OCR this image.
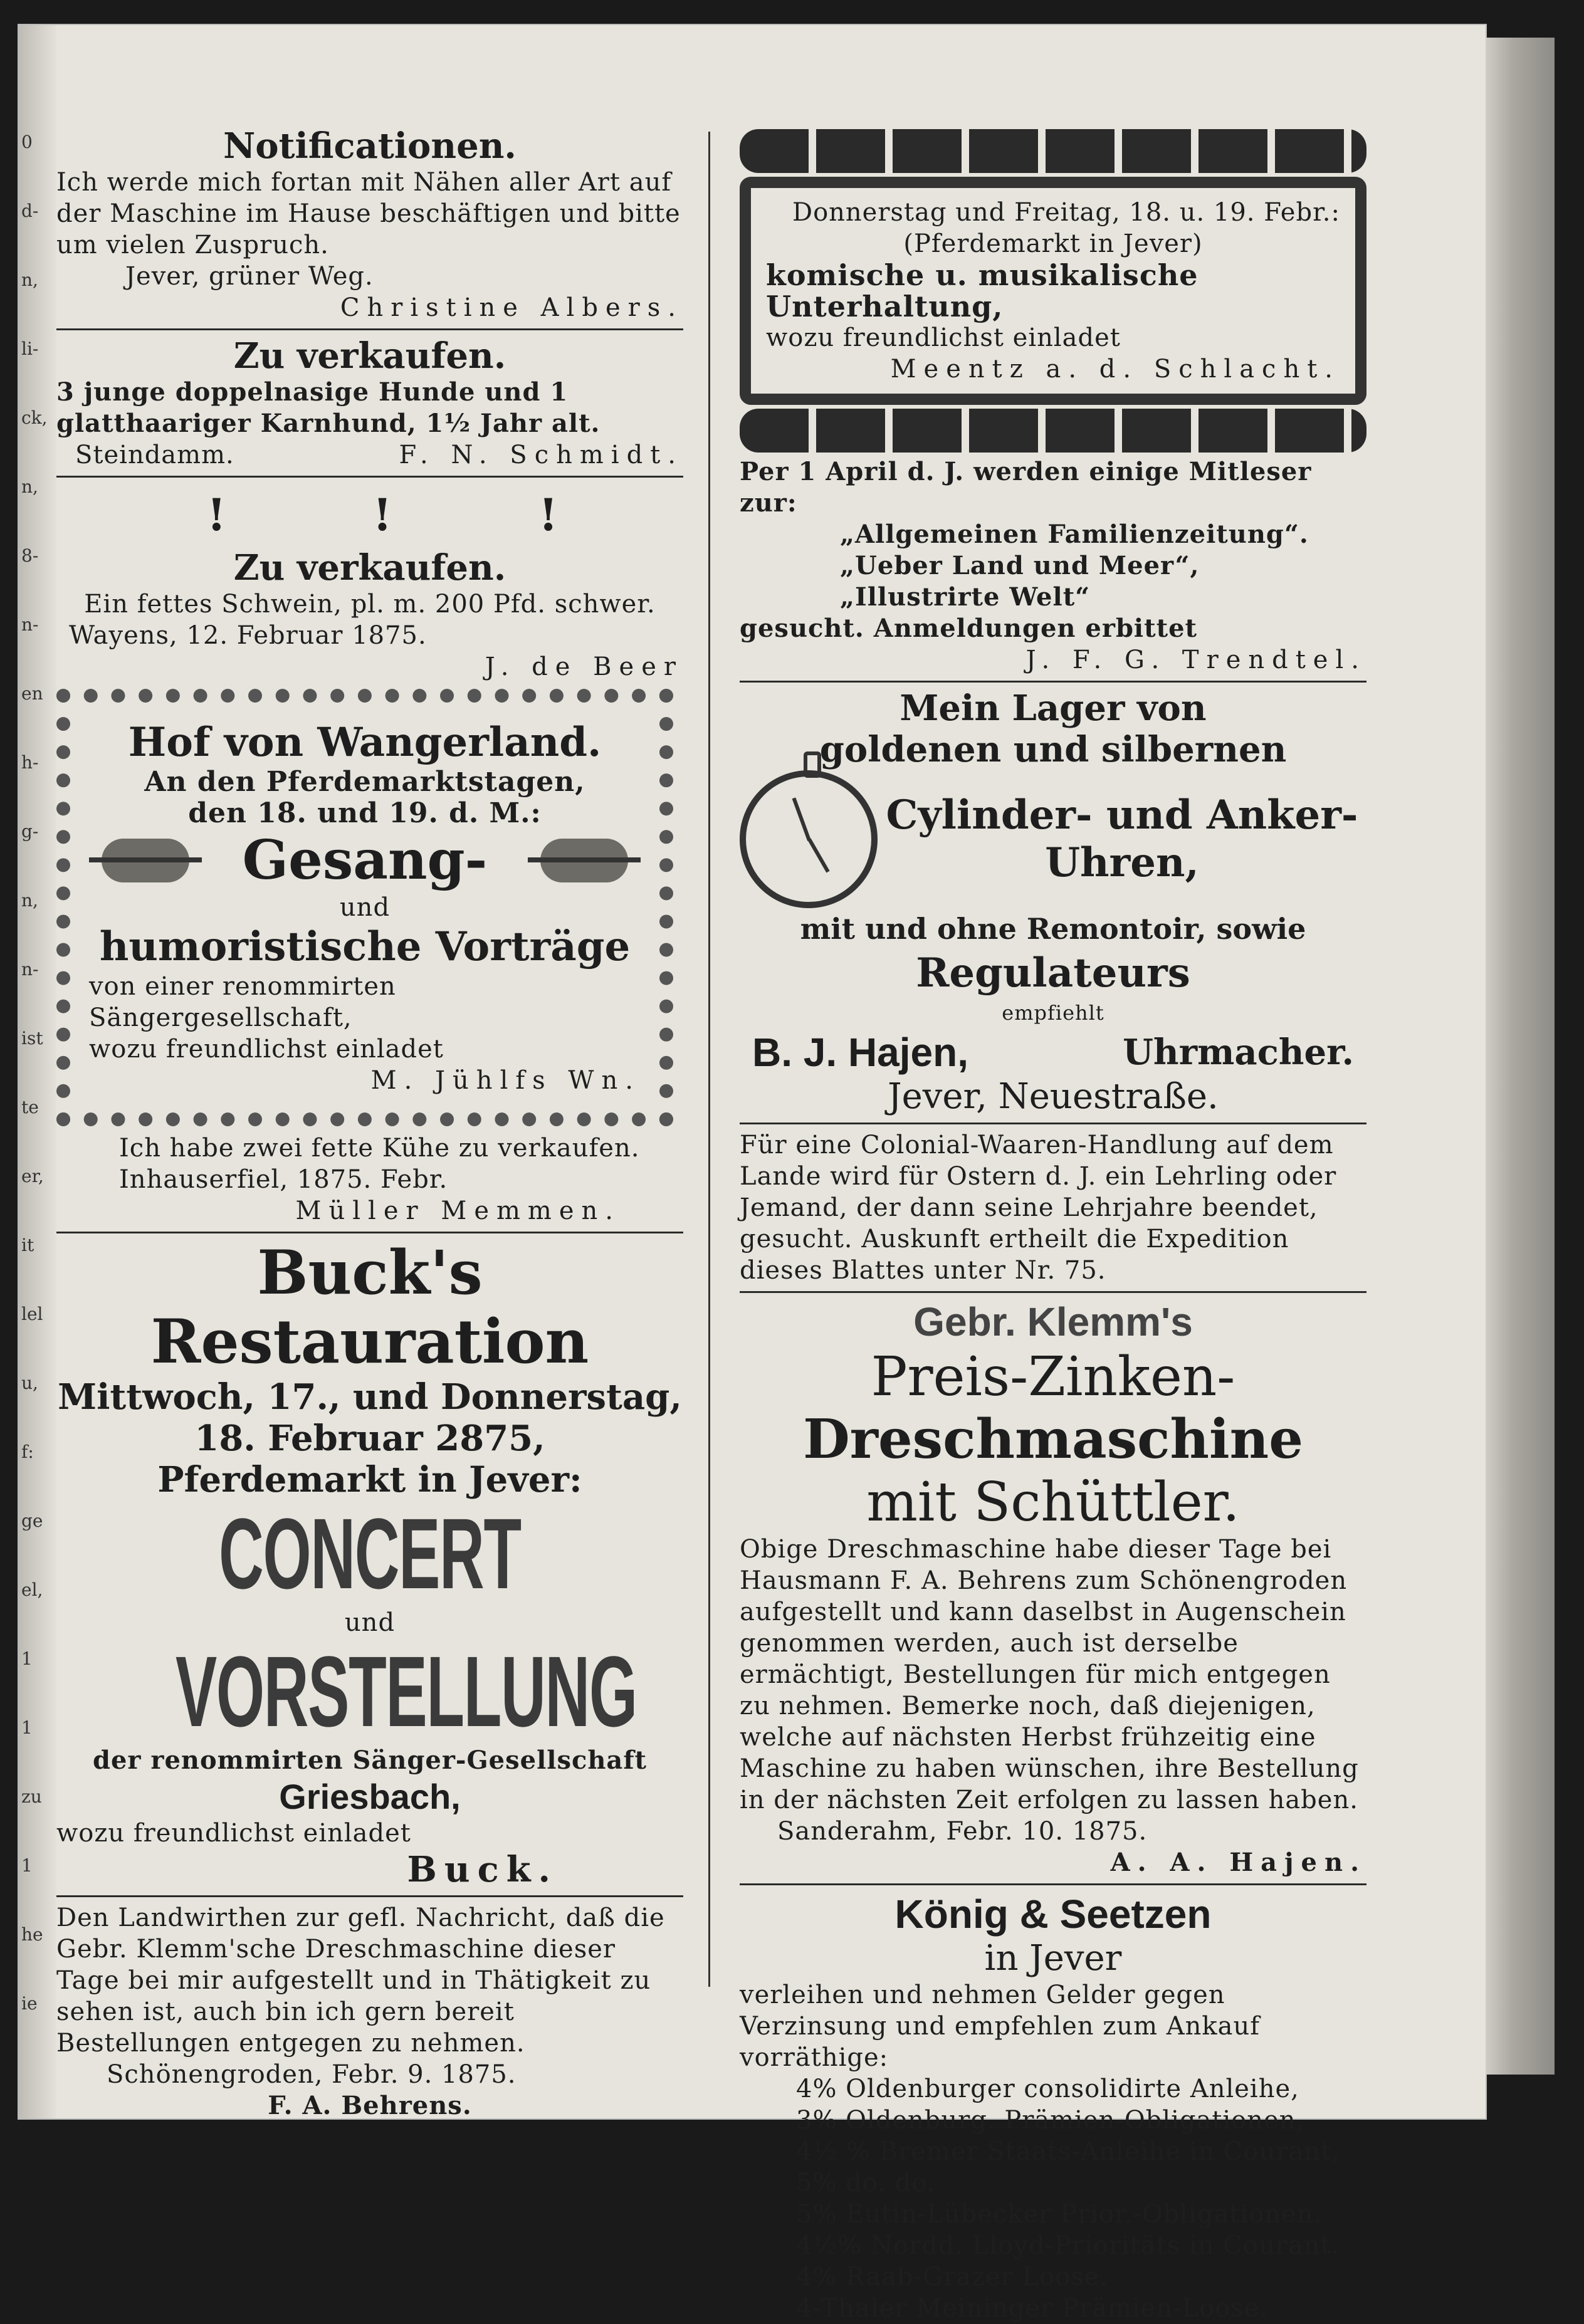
0
d-
n,
li-
ck,
n,
8-
n-
en
h-
g-
n,
n-
ist
te
er,
it
lel
u,
f:
ge
el,
1
1
zu
1
he
ie

Notificationen.

Ich werde mich fortan mit Nähen aller Art auf der Maschine im Hause beschäftigen und bitte um vielen Zuspruch.

Jever, grüner Weg.

Christine Albers.

Zu verkaufen.

3 junge doppelnasige Hunde und 1 glatthaariger Karnhund, 1½ Jahr alt.

Steindamm.	F. N. Schmidt.

!	!	!

Zu verkaufen.

Ein fettes Schwein, pl. m. 200 Pfd. schwer.

Wayens, 12. Februar 1875.

J. de Beer

Hof von Wangerland.

An den Pferdemarktstagen,

den 18. und 19. d. M.:

Gesang-

und

humoristische Vorträge

von einer renommirten Sängergesellschaft,

wozu freundlichst einladet

M. Jühlfs Wn.

Ich habe zwei fette Kühe zu verkaufen.

Inhauserfiel, 1875. Febr.

Müller Memmen.

Buck's Restauration

Mittwoch, 17., und Donnerstag,

18. Februar 2875,

Pferdemarkt in Jever:

CONCERT

und

VORSTELLUNG

der renommirten Sänger-Gesellschaft

Griesbach,

wozu freundlichst einladet

Buck.

Den Landwirthen zur gefl. Nachricht, daß die Gebr. Klemm'sche Dreschmaschine dieser Tage bei mir aufgestellt und in Thätigkeit zu sehen ist, auch bin ich gern bereit Bestellungen entgegen zu nehmen.

Schönengroden, Febr. 9. 1875.

F. A. Behrens.

Donnerstag und Freitag, 18. u. 19. Febr.:

(Pferdemarkt in Jever)

komische u. musikalische Unterhaltung,

wozu freundlichst einladet

Meentz a. d. Schlacht.

Per 1 April d. J. werden einige Mitleser zur:

„Allgemeinen Familienzeitung“.

„Ueber Land und Meer“,

„Illustrirte Welt“

gesucht. Anmeldungen erbittet

J. F. G. Trendtel.

Mein Lager von

goldenen und silbernen

Cylinder- und Anker-

Uhren,

mit und ohne Remontoir, sowie

Regulateurs

empfiehlt

B. J. Hajen,	Uhrmacher.

Jever, Neuestraße.

Für eine Colonial-Waaren-Handlung auf dem Lande wird für Ostern d. J. ein Lehrling oder Jemand, der dann seine Lehrjahre beendet, gesucht. Auskunft ertheilt die Expedition dieses Blattes unter Nr. 75.

Gebr. Klemm's

Preis-Zinken-

Dreschmaschine

mit Schüttler.

Obige Dreschmaschine habe dieser Tage bei Hausmann F. A. Behrens zum Schönengroden aufgestellt und kann daselbst in Augenschein genommen werden, auch ist derselbe ermächtigt, Bestellungen für mich entgegen zu nehmen. Bemerke noch, daß diejenigen, welche auf nächsten Herbst frühzeitig eine Maschine zu haben wünschen, ihre Bestellung in der nächsten Zeit erfolgen zu lassen haben.

Sanderahm, Febr. 10. 1875.

A. A. Hajen.

König & Seetzen

in Jever

verleihen und nehmen Gelder gegen Verzinsung und empfehlen zum Ankauf vorräthige:

4% Oldenburger consolidirte Anleihe,

3% Oldenburg. Prämien-Obligationen,

4½ % Bremer Staats-Anleihe in Courant,

5% do. do.

5% Eutin-Lübecker Prior.-Obligationen.

4½% Nordd. Lloyd-Prioritäts in Courant.

4% Raab-Grazer Loose.

4-Thaler Meininger Prämien-Loose.
